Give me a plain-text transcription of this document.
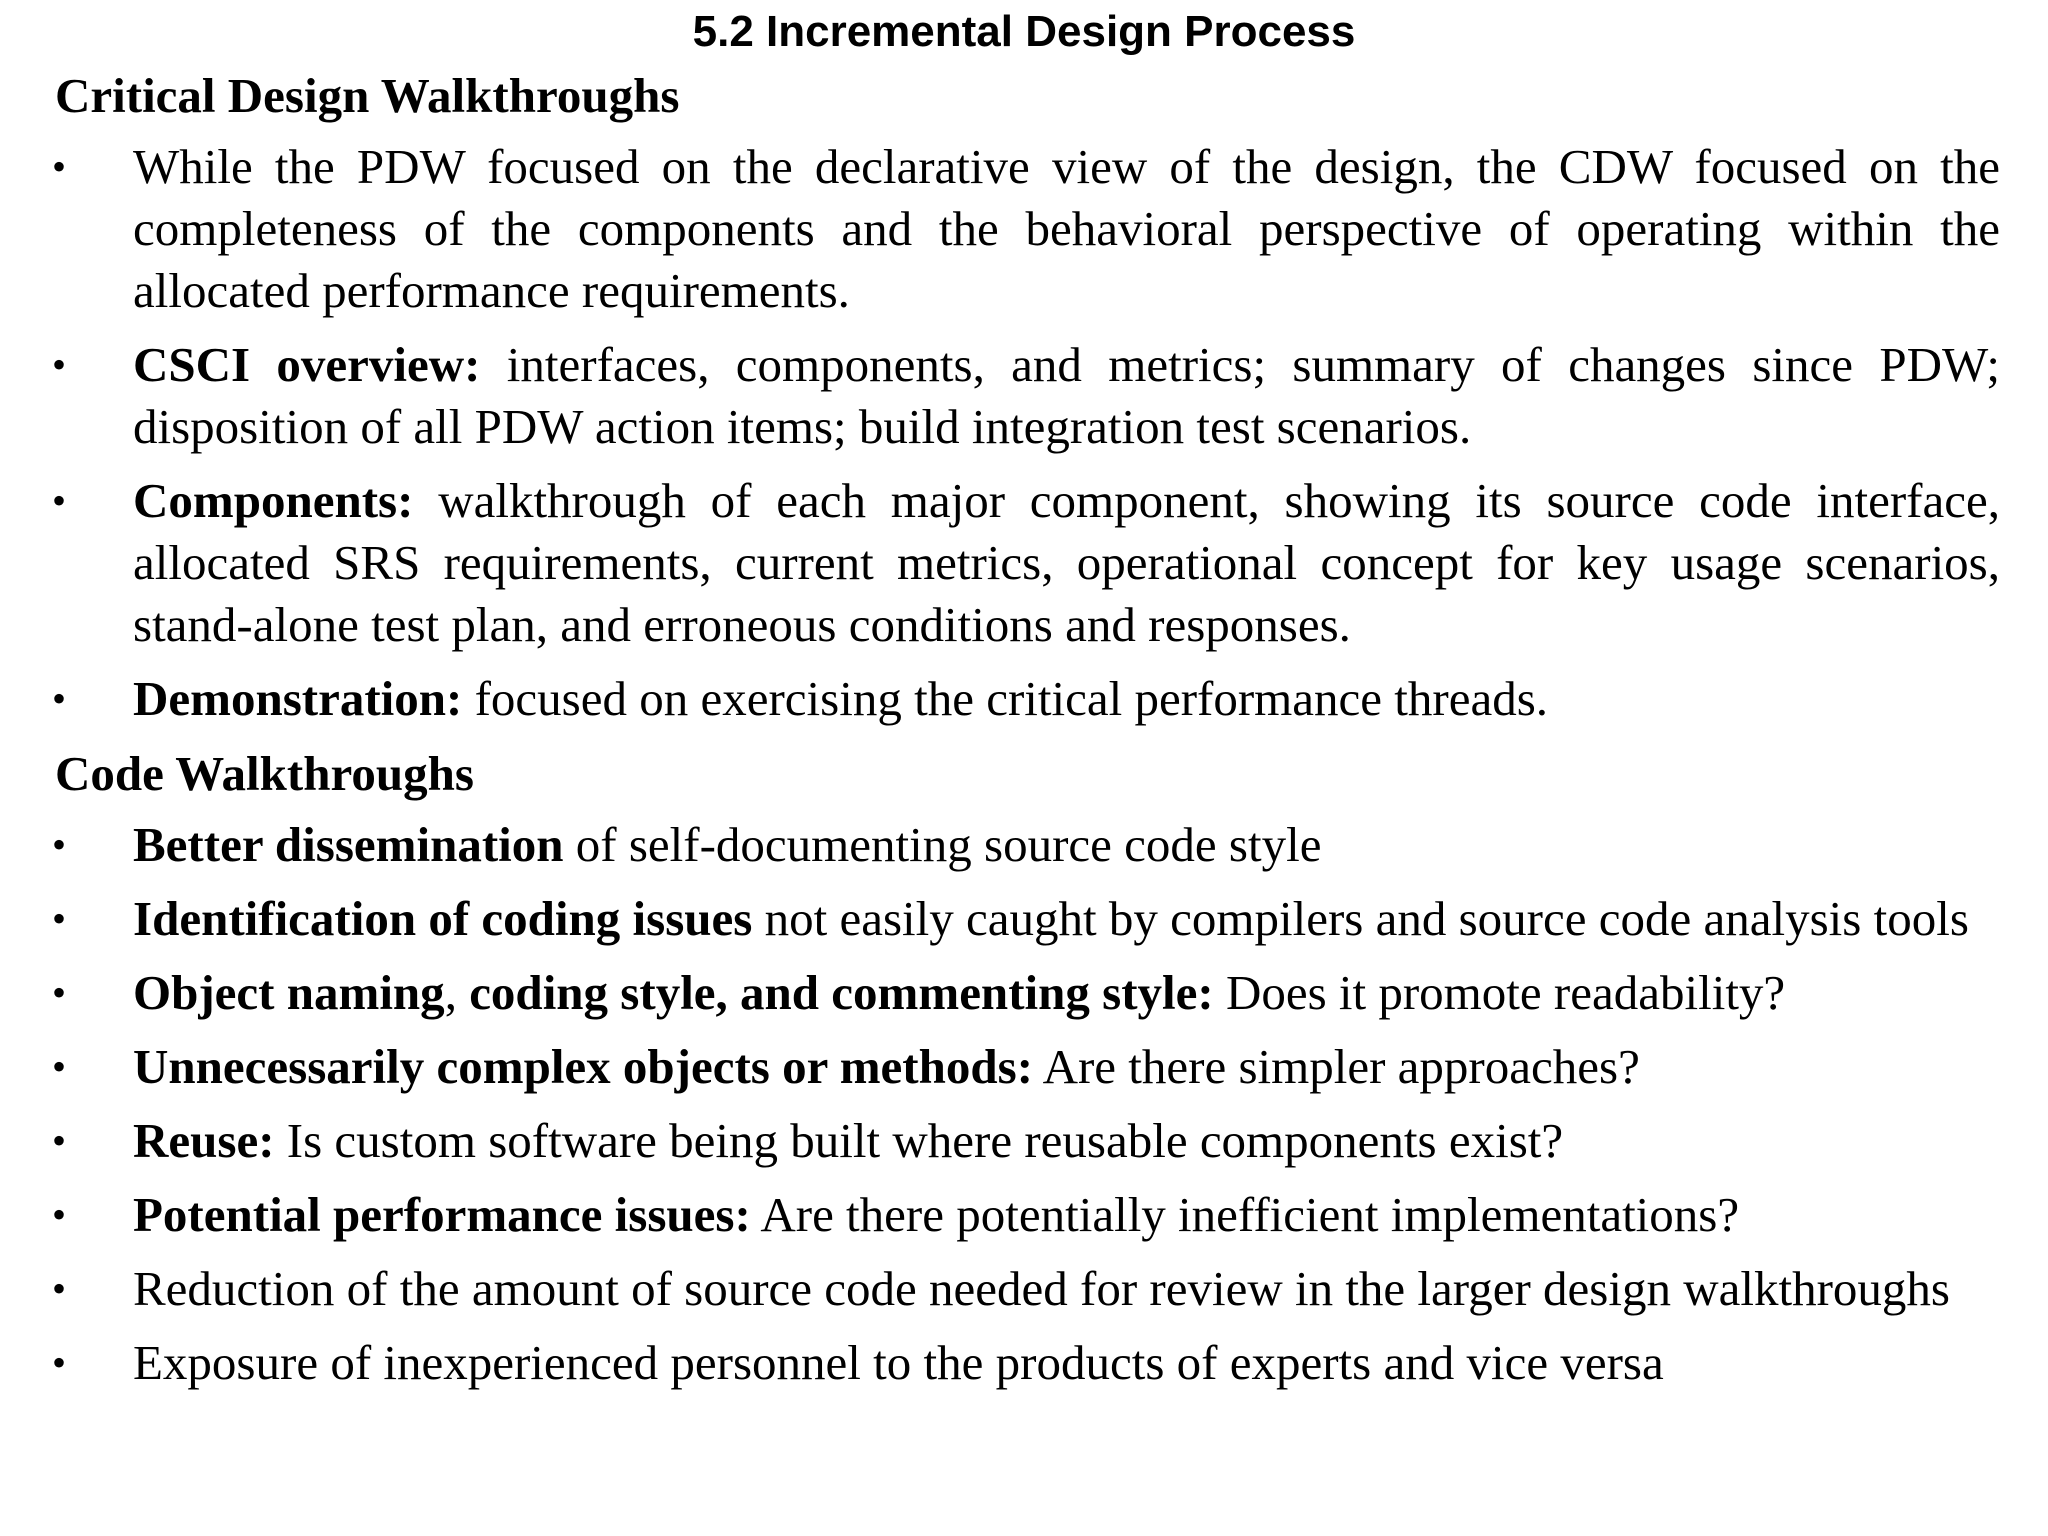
5.2 Incremental Design Process
Critical Design Walkthroughs
• While the PDW focused on the declarative view of the design, the CDW focused on the completeness of the components and the behavioral perspective of operating within the allocated performance requirements.
• CSCI overview: interfaces, components, and metrics; summary of changes since PDW; disposition of all PDW action items; build integration test scenarios.
• Components: walkthrough of each major component, showing its source code interface, allocated SRS requirements, current metrics, operational concept for key usage scenarios, stand-alone test plan, and erroneous conditions and responses.
• Demonstration: focused on exercising the critical performance threads.
Code Walkthroughs
• Better dissemination of self-documenting source code style
• Identification of coding issues not easily caught by compilers and source code analysis tools
• Object naming, coding style, and commenting style: Does it promote readability?
• Unnecessarily complex objects or methods: Are there simpler approaches?
• Reuse: Is custom software being built where reusable components exist?
• Potential performance issues: Are there potentially inefficient implementations?
• Reduction of the amount of source code needed for review in the larger design walkthroughs
• Exposure of inexperienced personnel to the products of experts and vice versa
